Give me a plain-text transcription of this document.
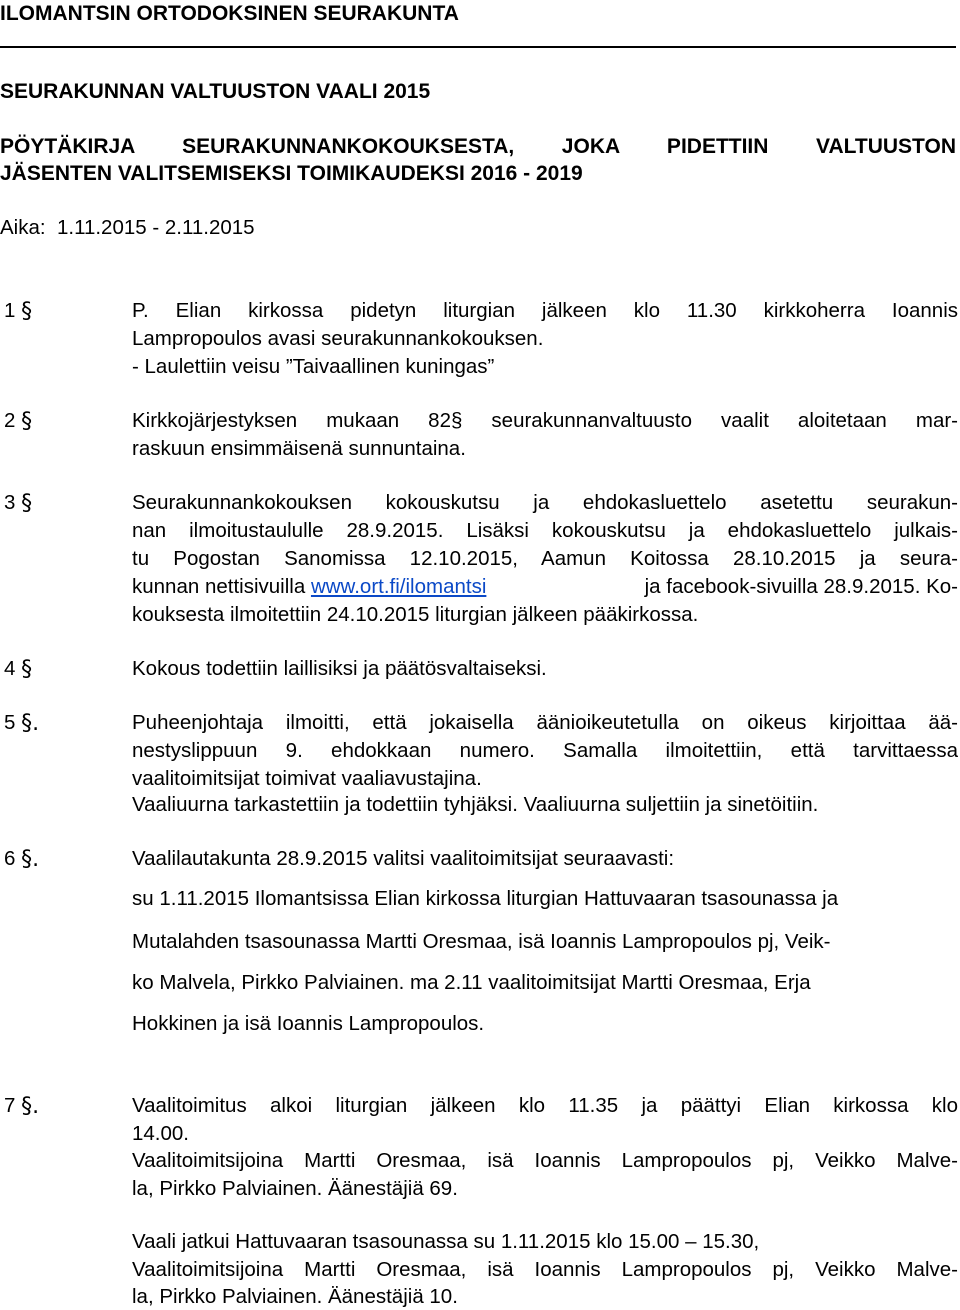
ILOMANTSIN ORTODOKSINEN SEURAKUNTA
SEURAKUNNAN VALTUUSTON VAALI 2015
PÖYTÄKIRJA SEURAKUNNANKOKOUKSESTA, JOKA PIDETTIIN VALTUUSTON
JÄSENTEN VALITSEMISEKSI TOIMIKAUDEKSI 2016 - 2019
Aika: 1.11.2015 - 2.11.2015
1 §	P. Elian kirkossa pidetyn liturgian jälkeen klo 11.30 kirkkoherra Ioannis
Lampropoulos avasi seurakunnankokouksen.
- Laulettiin veisu ”Taivaallinen kuningas”
2 §	Kirkkojärjestyksen mukaan 82§ seurakunnanvaltuusto vaalit aloitetaan mar-
raskuun ensimmäisenä sunnuntaina.
3 §	Seurakunnankokouksen kokouskutsu ja ehdokasluettelo asetettu seurakun-
nan ilmoitustaululle 28.9.2015. Lisäksi kokouskutsu ja ehdokasluettelo julkais-
tu Pogostan Sanomissa 12.10.2015, Aamun Koitossa 28.10.2015 ja seura-
kunnan nettisivuilla www.ort.fi/ilomantsi	ja facebook-sivuilla 28.9.2015. Ko-
kouksesta ilmoitettiin 24.10.2015 liturgian jälkeen pääkirkossa.
4 §	Kokous todettiin laillisiksi ja päätösvaltaiseksi.
5 §.	Puheenjohtaja ilmoitti, että jokaisella äänioikeutetulla on oikeus kirjoittaa ää-
nestyslippuun 9. ehdokkaan numero. Samalla ilmoitettiin, että tarvittaessa
vaalitoimitsijat toimivat vaaliavustajina.
Vaaliuurna tarkastettiin ja todettiin tyhjäksi. Vaaliuurna suljettiin ja sinetöitiin.
6 §.	Vaalilautakunta 28.9.2015 valitsi vaalitoimitsijat seuraavasti:
su 1.11.2015 Ilomantsissa Elian kirkossa liturgian Hattuvaaran tsasounassa ja
Mutalahden tsasounassa Martti Oresmaa, isä Ioannis Lampropoulos pj, Veik-
ko Malvela, Pirkko Palviainen. ma 2.11 vaalitoimitsijat Martti Oresmaa, Erja
Hokkinen ja isä Ioannis Lampropoulos.
7 §.	Vaalitoimitus alkoi liturgian jälkeen klo 11.35 ja päättyi Elian kirkossa klo
14.00.
Vaalitoimitsijoina Martti Oresmaa, isä Ioannis Lampropoulos pj, Veikko Malve-
la, Pirkko Palviainen. Äänestäjiä 69.
Vaali jatkui Hattuvaaran tsasounassa su 1.11.2015 klo 15.00 – 15.30,
Vaalitoimitsijoina Martti Oresmaa, isä Ioannis Lampropoulos pj, Veikko Malve-
la, Pirkko Palviainen. Äänestäjiä 10.
